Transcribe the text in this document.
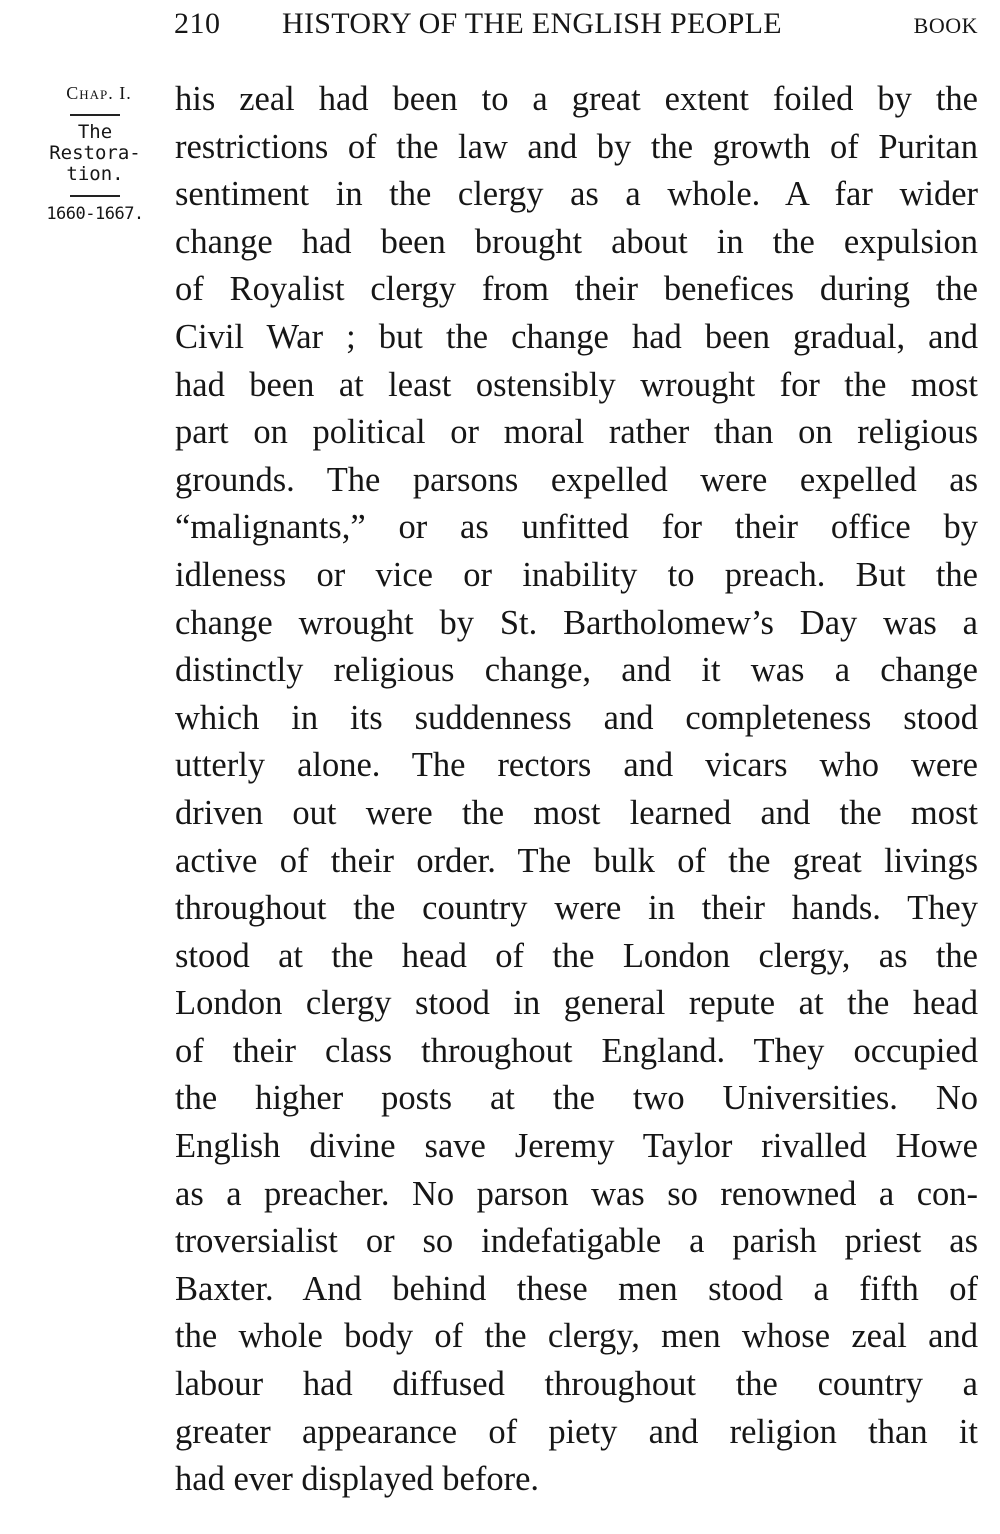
210 HISTORY OF THE ENGLISH PEOPLE	BOOK
Chap. I.
The
Restora-
tion.
1660-1667.
his zeal had been to a great extent foiled by the
restrictions of the law and by the growth of Puritan
sentiment in the clergy as a whole. A far wider
change had been brought about in the expulsion
of Royalist clergy from their benefices during the
Civil War ; but the change had been gradual, and
had been at least ostensibly wrought for the most
part on political or moral rather than on religious
grounds. The parsons expelled were expelled as
“malignants,” or as unfitted for their office by
idleness or vice or inability to preach. But the
change wrought by St. Bartholomew’s Day was a
distinctly religious change, and it was a change
which in its suddenness and completeness stood
utterly alone. The rectors and vicars who were
driven out were the most learned and the most
active of their order. The bulk of the great livings
throughout the country were in their hands. They
stood at the head of the London clergy, as the
London clergy stood in general repute at the head
of their class throughout England. They occupied
the higher posts at the two Universities. No
English divine save Jeremy Taylor rivalled Howe
as a preacher. No parson was so renowned a con-
troversialist or so indefatigable a parish priest as
Baxter. And behind these men stood a fifth of
the whole body of the clergy, men whose zeal and
labour had diffused throughout the country a
greater appearance of piety and religion than it
had ever displayed before.
